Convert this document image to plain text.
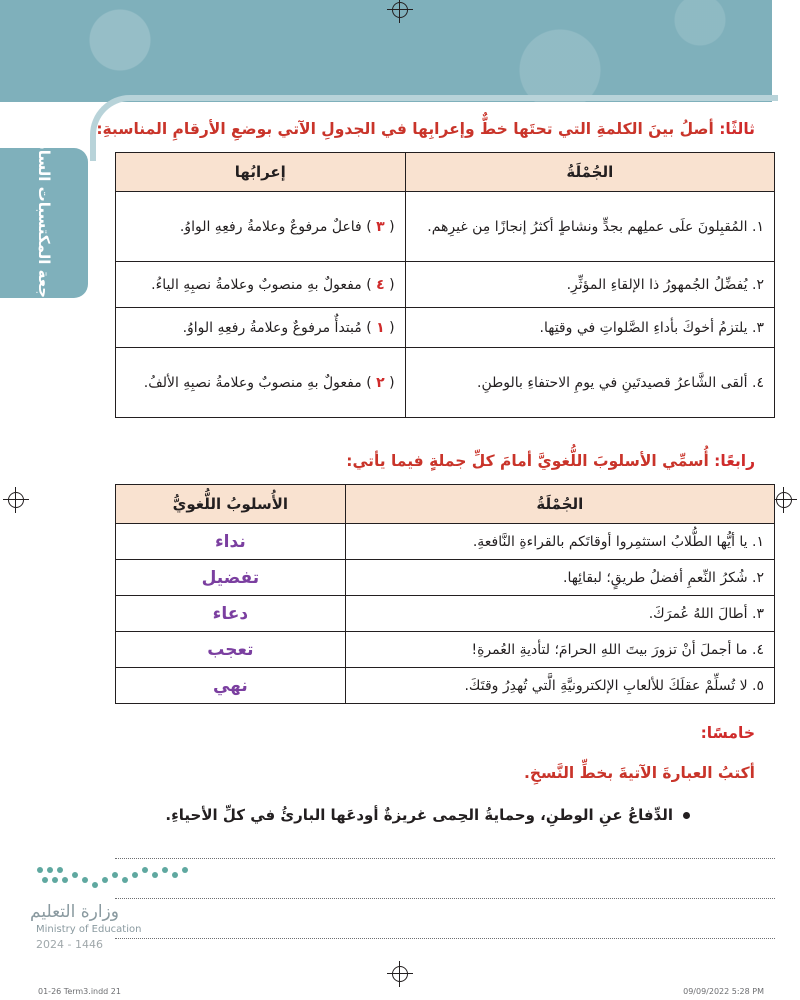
مراجعة المكتسبات السابقة	ثالثًا: أصلُ بينَ الكلمةِ التي تحتَها خطٌّ وإعرابِها في الجدولِ الآتي بوضعِ الأرقامِ المناسبةِ:
الجُمْلَةُ	إعرابُها
١. المُقبِلونَ علَى عملِهم بجدٍّ ونشاطٍ أكثرُ إنجازًا مِن غيرِهم.	( ٣ ) فاعلٌ مرفوعٌ وعلامةُ رفعِهِ الواوُ.
٢. يُفضِّلُ الجُمهورُ ذا الإلقاءِ المؤثِّرِ.	( ٤ ) مفعولٌ بهِ منصوبٌ وعلامةُ نصبِهِ الياءُ.
٣. يلتزمُ أخوكَ بأداءِ الصَّلواتِ في وقتِها.	( ١ ) مُبتدأٌ مرفوعٌ وعلامةُ رفعِهِ الواوُ.
٤. ألقى الشَّاعرُ قصيدتَينِ في يومِ الاحتفاءِ بالوطنِ.	( ٢ ) مفعولٌ بهِ منصوبٌ وعلامةُ نصبِهِ الألفُ.
رابعًا: أُسمِّي الأسلوبَ اللُّغويَّ أمامَ كلِّ جملةٍ فيما يأتي:
الجُمْلَةُ	الأُسلوبُ اللُّغويُّ
١. يا أيُّها الطُّلابُ استثمِروا أوقاتَكم بالقراءةِ النَّافعةِ.	نداء
٢. شُكرُ النِّعمِ أفضلُ طريقٍ؛ لبقائِها.	تفضيل
٣. أطالَ اللهُ عُمرَكَ.	دعاء
٤. ما أجملَ أنْ تزورَ بيتَ اللهِ الحرامَ؛ لتأديةِ العُمرةِ!	تعجب
٥. لا تُسلِّمْ عقلَكَ للألعابِ الإلكترونيَّةِ الَّتي تُهدِرُ وقتَكَ.	نهي
خامسًا:
أكتبُ العبارةَ الآتيةَ بخطِّ النَّسخِ.
الدِّفاعُ عنِ الوطنِ، وحمايةُ الحِمى غريزةٌ أودعَها البارئُ في كلِّ الأحياءِ.
وزارة التعليم
Ministry of Education
2024 - 1446
01-26 Term3.indd 21	09/09/2022 5:28 PM
